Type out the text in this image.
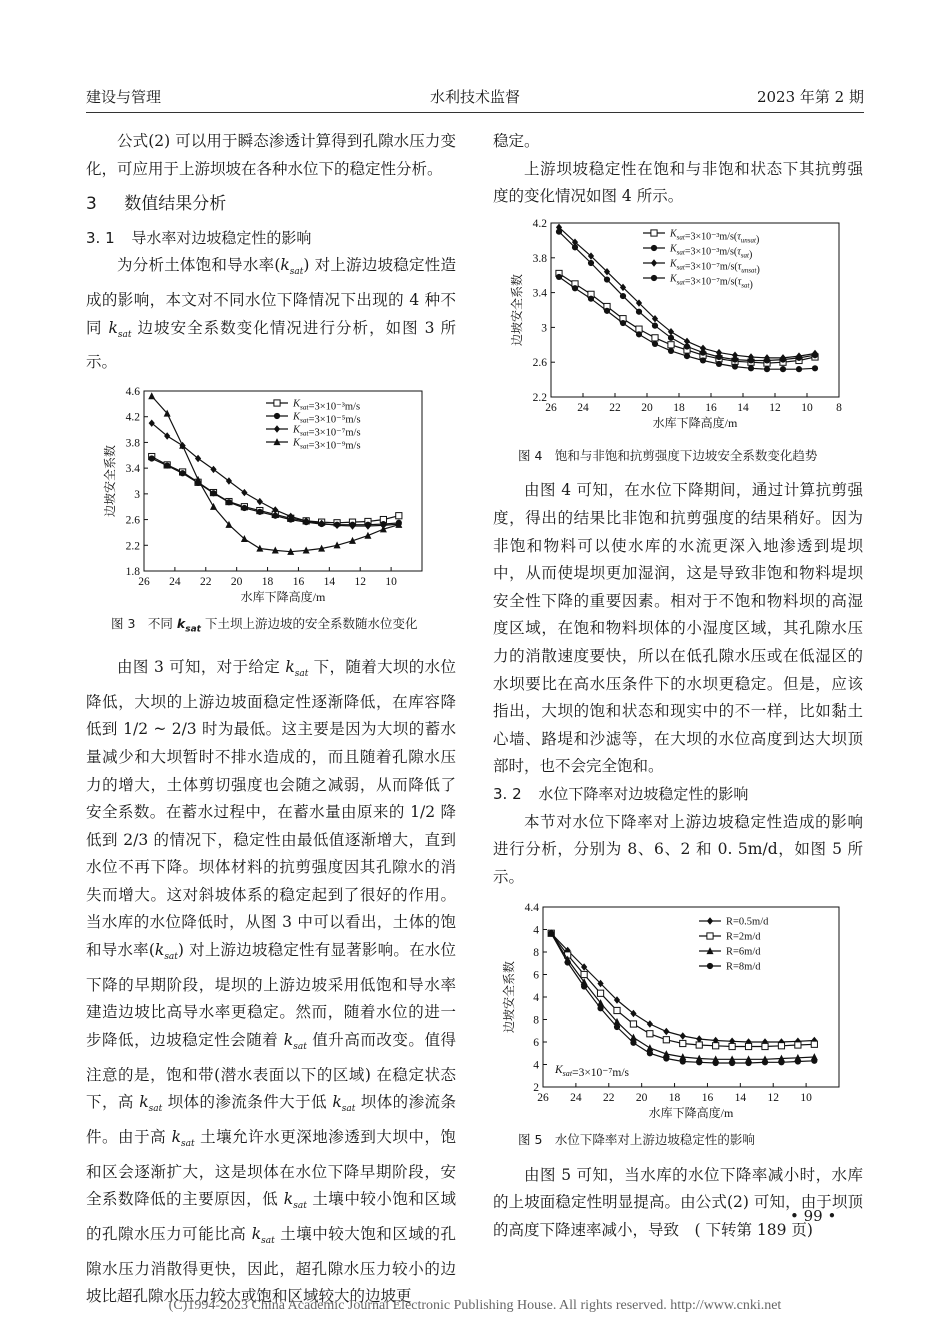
建设与管理	水利技术监督	2023 年第 2 期

公式(2) 可以用于瞬态渗透计算得到孔隙水压力变化，可应用于上游坝坡在各种水位下的稳定性分析。

3 数值结果分析
3. 1 导水率对边坡稳定性的影响

为分析土体饱和导水率$(k_{sat})$ 对上游边坡稳定性造成的影响，本文对不同水位下降情况下出现的 4 种不同 $k_{sat}$ 边坡安全系数变化情况进行分析，如图 3 所示。

1.8
2.2
2.6
3
3.4
3.8
4.2
4.6
26 24 22 20 18 16 14 12 10
水库下降高度/m
边坡安全系数
$K_{sat}=3\times 10^{-3}m/s$
$K_{sat}=3\times 10^{-5}m/s$
$K_{sat}=3\times 10^{-7}m/s$
$K_{sat}=3\times 10^{-9}m/s$

图 3　不同 $k_{sat}$ 下土坝上游边坡的安全系数随水位变化

由图 3 可知，对于给定 $k_{sat}$ 下，随着大坝的水位降低，大坝的上游边坡面稳定性逐渐降低，在库容降低到 1/2 ~ 2/3 时为最低。这主要是因为大坝的蓄水量减少和大坝暂时不排水造成的，而且随着孔隙水压力的增大，土体剪切强度也会随之减弱，从而降低了安全系数。在蓄水过程中，在蓄水量由原来的 1/2 降低到 2/3 的情况下，稳定性由最低值逐渐增大，直到水位不再下降。坝体材料的抗剪强度因其孔隙水的消失而增大。这对斜坡体系的稳定起到了很好的作用。当水库的水位降低时，从图 3 中可以看出，土体的饱和导水率$(k_{sat})$ 对上游边坡稳定性有显著影响。在水位下降的早期阶段，堤坝的上游边坡采用低饱和导水率建造边坡比高导水率更稳定。然而，随着水位的进一步降低，边坡稳定性会随着 $k_{sat}$ 值升高而改变。值得注意的是，饱和带(潜水表面以下的区域) 在稳定状态下，高 $k_{sat}$ 坝体的渗流条件大于低 $k_{sat}$ 坝体的渗流条件。由于高 $k_{sat}$ 土壤允许水更深地渗透到大坝中，饱和区会逐渐扩大，这是坝体在水位下降早期阶段，安全系数降低的主要原因，低 $k_{sat}$ 土壤中较小饱和区域的孔隙水压力可能比高 $k_{sat}$ 土壤中较大饱和区域的孔隙水压力消散得更快，因此，超孔隙水压力较小的边坡比超孔隙水压力较大或饱和区域较大的边坡更

稳定。

上游坝坡稳定性在饱和与非饱和状态下其抗剪强度的变化情况如图 4 所示。

2.2
2.6
3
3.4
3.8
4.2
26 24 22 20 18 16 14 12 10 8
水库下降高度/m
边坡安全系数
$K_{sat}=3\times 10^{-3}m/s(\tau_{unsat})$
$K_{sat}=3\times 10^{-3}m/s(\tau_{sat})$
$K_{sat}=3\times 10^{-7}m/s(\tau_{unsat})$
$K_{sat}=3\times 10^{-7}m/s(\tau_{sat})$

图 4　饱和与非饱和抗剪强度下边坡安全系数变化趋势

由图 4 可知，在水位下降期间，通过计算抗剪强度，得出的结果比非饱和抗剪强度的结果稍好。因为非饱和物料可以使水库的水流更深入地渗透到堤坝中，从而使堤坝更加湿润，这是导致非饱和物料堤坝安全性下降的重要因素。相对于不饱和物料坝的高湿度区域，在饱和物料坝体的小湿度区域，其孔隙水压力的消散速度要快，所以在低孔隙水压或在低湿区的水坝要比在高水压条件下的水坝更稳定。但是，应该指出，大坝的饱和状态和现实中的不一样，比如黏土心墙、路堤和沙滤等，在大坝的水位高度到达大坝顶部时，也不会完全饱和。

3. 2 水位下降率对边坡稳定性的影响

本节对水位下降率对上游边坡稳定性造成的影响进行分析，分别为 8、6、2 和 0. 5m/d，如图 5 所示。

2
4
6
8
4
6
8
4
4.4
26 24 22 20 18 16 14 12 10
水库下降高度/m
边坡安全系数
R=0.5m/d
R=2m/d
R=6m/d
R=8m/d
$K_{sat}=3\times 10^{-7}m/s$

图 5　水位下降率对上游边坡稳定性的影响

由图 5 可知，当水库的水位下降率减小时，水库的上坡面稳定性明显提高。由公式(2) 可知，由于坝顶的高度下降速率减小，导致　( 下转第 189 页)

• 99 •
(C)1994-2023 China Academic Journal Electronic Publishing House. All rights reserved. http://www.cnki.net
